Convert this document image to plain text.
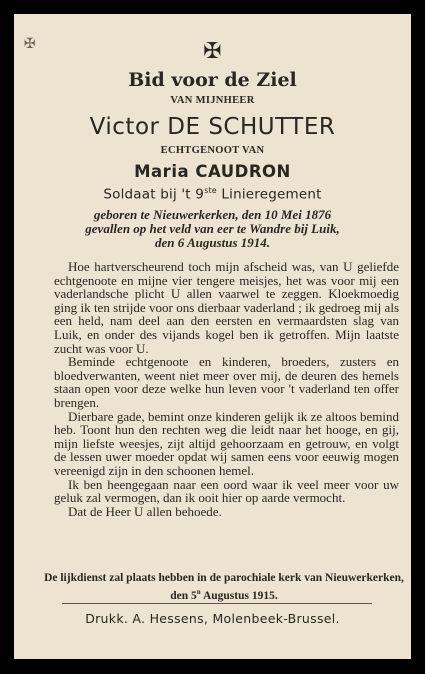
✠	✠
Bid voor de Ziel
VAN MIJNHEER
Victor DE SCHUTTER
ECHTGENOOT VAN
Maria CAUDRON
Soldaat bij 't 9ste Linieregement
geboren te Nieuwerkerken, den 10 Mei 1876
gevallen op het veld van eer te Wandre bij Luik,
den 6 Augustus 1914.

Hoe hartverscheurend toch mijn afscheid was, van U geliefde echtgenoote en mijne vier tengere meisjes, het was voor mij een vaderlandsche plicht U allen vaarwel te zeggen. Kloekmoedig ging ik ten strijde voor ons dierbaar vaderland ; ik gedroeg mij als een held, nam deel aan den eersten en vermaardsten slag van Luik, en onder des vijands kogel ben ik getroffen. Mijn laatste zucht was voor U.

Beminde echtgenoote en kinderen, broeders, zusters en bloedverwanten, weent niet meer over mij, de deuren des hemels staan open voor deze welke hun leven voor 't vaderland ten offer brengen.

Dierbare gade, bemint onze kinderen gelijk ik ze altoos bemind heb. Toont hun den rechten weg die leidt naar het hooge, en gij, mijn liefste weesjes, zijt altijd gehoorzaam en getrouw, en volgt de lessen uwer moeder opdat wij samen eens voor eeuwig mogen vereenigd zijn in den schoonen hemel.

Ik ben heengegaan naar een oord waar ik veel meer voor uw geluk zal vermogen, dan ik ooit hier op aarde vermocht.

Dat de Heer U allen behoede.

De lijkdienst zal plaats hebben in de parochiale kerk van Nieuwerkerken, den 5$^n$ Augustus 1915.
Drukk. A. Hessens, Molenbeek-Brussel.
